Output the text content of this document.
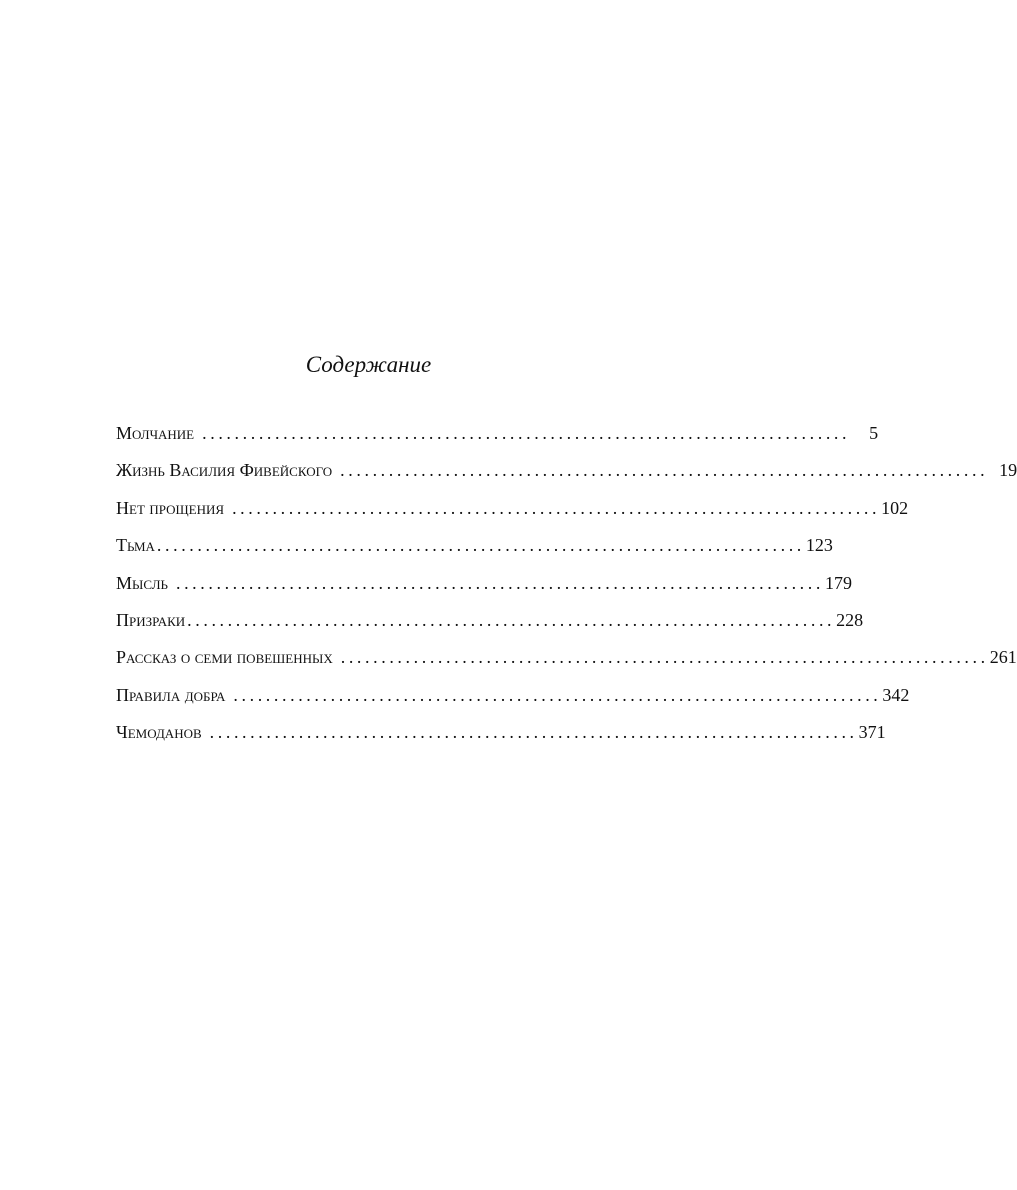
Содержание
Молчание ................................................................................ 5
Жизнь Василия Фивейского ................................................................................ 19
Нет прощения ................................................................................ 102
Тьма ................................................................................ 123
Мысль ................................................................................ 179
Призраки ................................................................................ 228
Рассказ о семи повешенных ................................................................................ 261
Правила добра ................................................................................ 342
Чемоданов ................................................................................ 371
